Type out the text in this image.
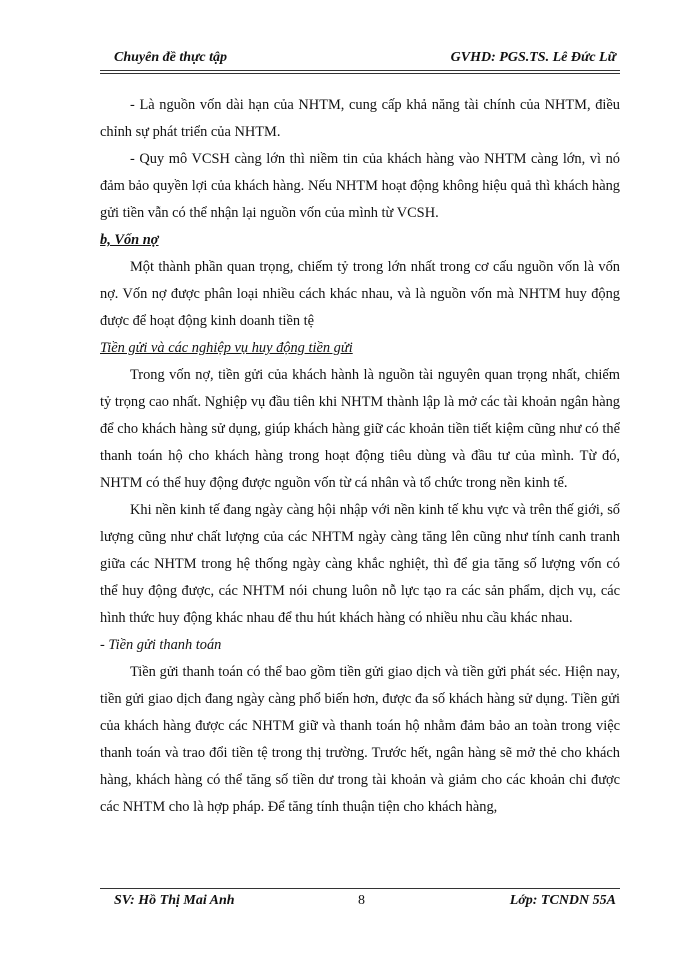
Chuyên đề thực tập	GVHD: PGS.TS. Lê Đức Lữ

- Là nguồn vốn dài hạn của NHTM, cung cấp khả năng tài chính của NHTM, điều chỉnh sự phát triển của NHTM.

- Quy mô VCSH càng lớn thì niềm tin của khách hàng vào NHTM càng lớn, vì nó đảm bảo quyền lợi của khách hàng. Nếu NHTM hoạt động không hiệu quả thì khách hàng gửi tiền vẫn có thể nhận lại nguồn vốn của mình từ VCSH.

b, Vốn nợ

Một thành phần quan trọng, chiếm tỷ trong lớn nhất trong cơ cấu nguồn vốn là vốn nợ. Vốn nợ được phân loại nhiều cách khác nhau, và là nguồn vốn mà NHTM huy động được để hoạt động kinh doanh tiền tệ

Tiền gửi và các nghiệp vụ huy động tiền gửi

Trong vốn nợ, tiền gửi của khách hành là nguồn tài nguyên quan trọng nhất, chiếm tỷ trọng cao nhất. Nghiệp vụ đầu tiên khi NHTM thành lập là mở các tài khoản ngân hàng để cho khách hàng sử dụng, giúp khách hàng giữ các khoản tiền tiết kiệm cũng như có thể thanh toán hộ cho khách hàng trong hoạt động tiêu dùng và đầu tư của mình. Từ đó, NHTM có thể huy động được nguồn vốn từ cá nhân và tổ chức trong nền kinh tế.

Khi nền kinh tế đang ngày càng hội nhập với nền kinh tế khu vực và trên thế giới, số lượng cũng như chất lượng của các NHTM ngày càng tăng lên cũng như tính canh tranh giữa các NHTM trong hệ thống ngày càng khắc nghiệt, thì để gia tăng số lượng vốn có thể huy động được, các NHTM nói chung luôn nỗ lực tạo ra các sản phẩm, dịch vụ, các hình thức huy động khác nhau để thu hút khách hàng có nhiều nhu cầu khác nhau.

- Tiền gửi thanh toán

Tiền gửi thanh toán có thể bao gồm tiền gửi giao dịch và tiền gửi phát séc. Hiện nay, tiền gửi giao dịch đang ngày càng phổ biến hơn, được đa số khách hàng sử dụng. Tiền gửi của khách hàng được các NHTM giữ và thanh toán hộ nhằm đảm bảo an toàn trong việc thanh toán và trao đổi tiền tệ trong thị trường. Trước hết, ngân hàng sẽ mở thẻ cho khách hàng, khách hàng có thể tăng số tiền dư trong tài khoản và giảm cho các khoản chi được các NHTM cho là hợp pháp. Để tăng tính thuận tiện cho khách hàng,

SV: Hồ Thị Mai Anh	8	Lớp: TCNDN 55A
